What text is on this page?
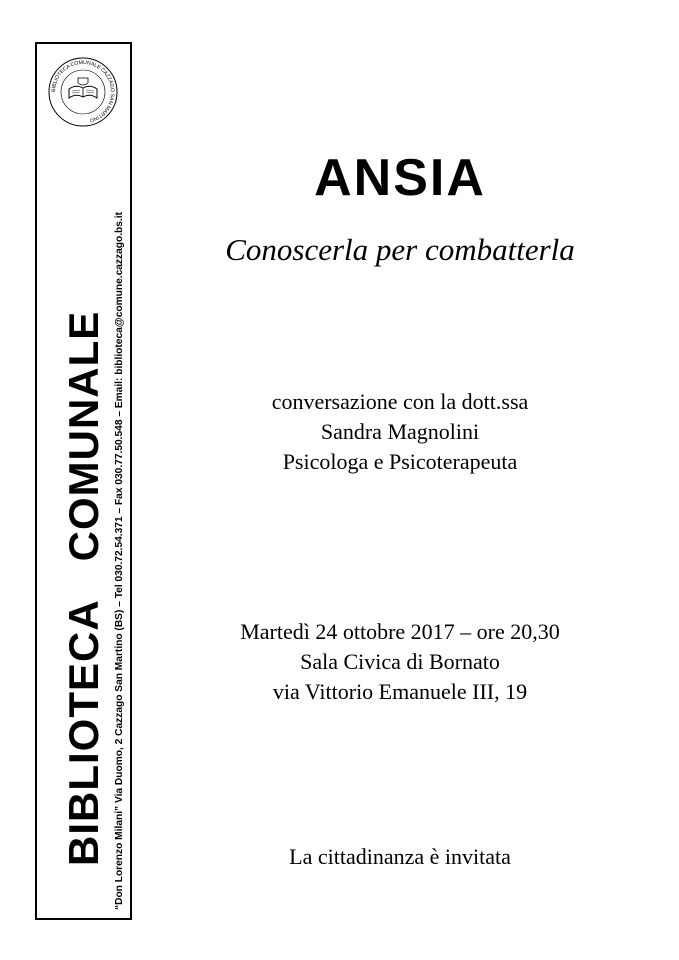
BIBLIOTECA COMUNALE CAZZAGO SAN MARTINO
BIBLIOTECACOMUNALE “Don Lorenzo Milani” Via Duomo, 2 Cazzago San Martino (BS) – Tel 030.72.54.371 – Fax 030.77.50.548 – Email: biblioteca@comune.cazzago.bs.it
ANSIA
Conoscerla per combatterla
conversazione con la dott.ssa
Sandra Magnolini
Psicologa e Psicoterapeuta
Martedì 24 ottobre 2017 – ore 20,30
Sala Civica di Bornato
via Vittorio Emanuele III, 19
La cittadinanza è invitata
